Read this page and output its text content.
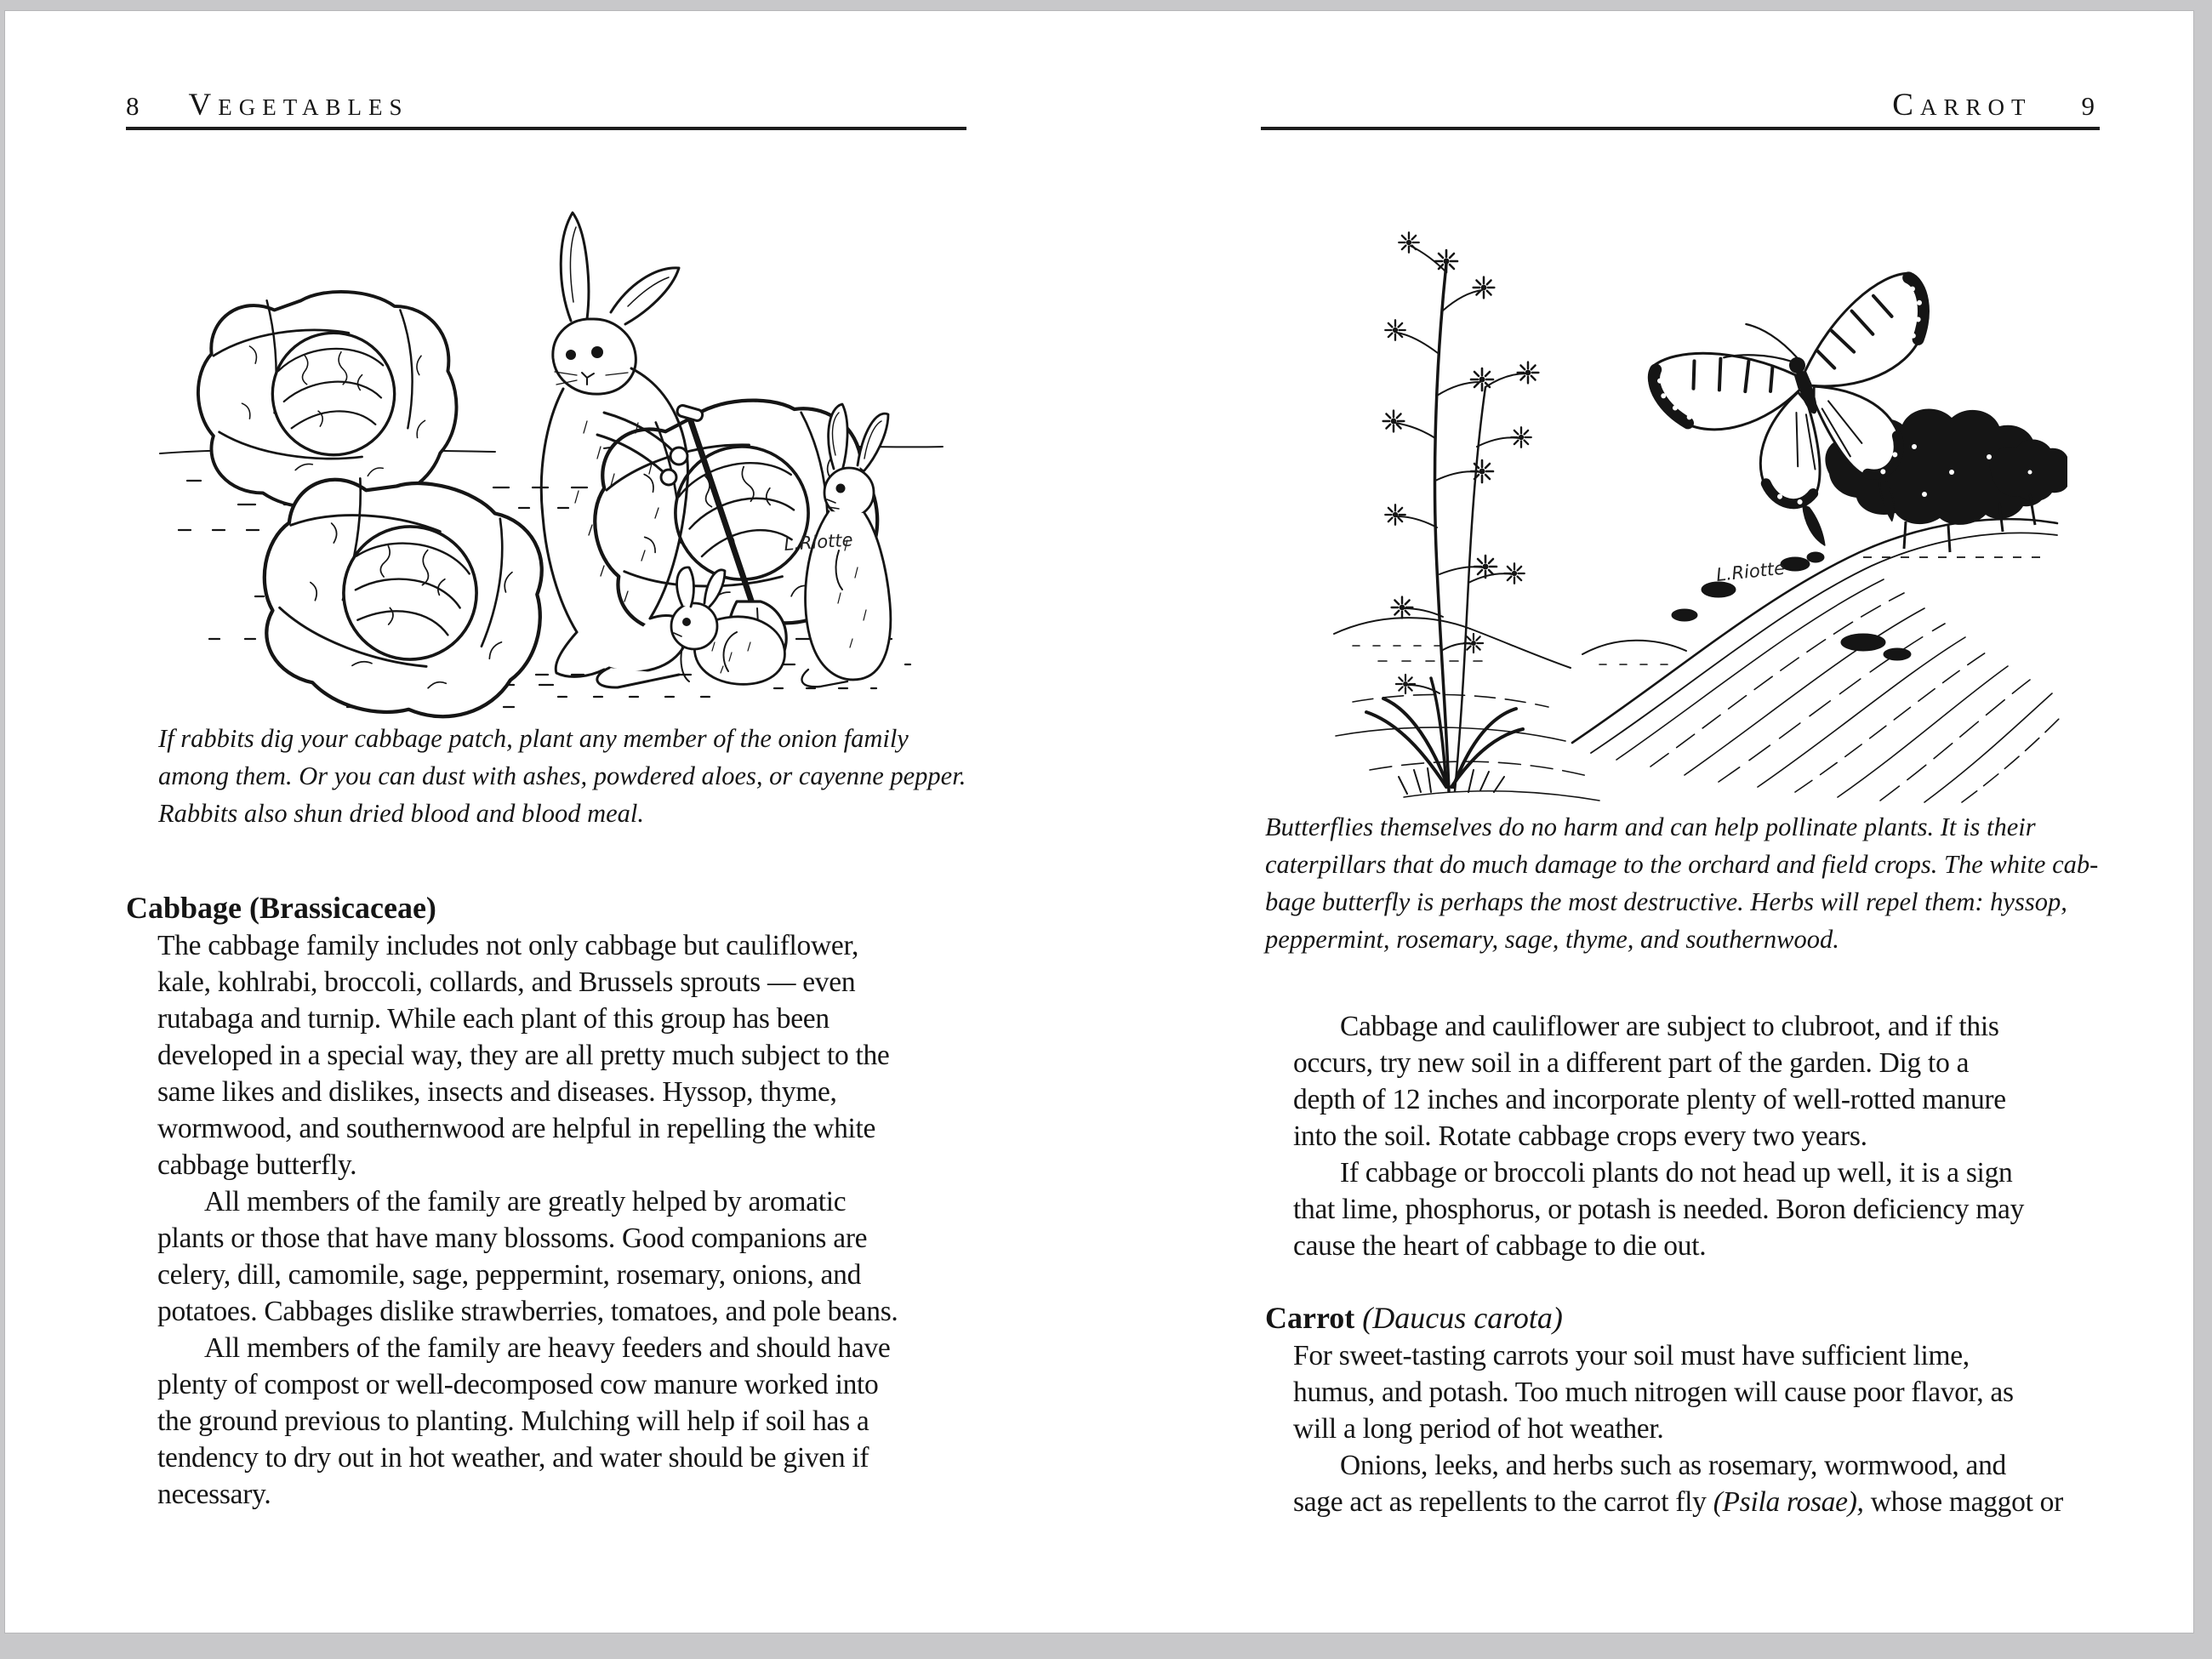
8 VEGETABLES
L.Riotte
If rabbits dig your cabbage patch, plant any member of the onion family
among them. Or you can dust with ashes, powdered aloes, or cayenne pepper.
Rabbits also shun dried blood and blood meal.
Cabbage (Brassicaceae)
The cabbage family includes not only cabbage but cauliflower,
kale, kohlrabi, broccoli, collards, and Brussels sprouts — even
rutabaga and turnip. While each plant of this group has been
developed in a special way, they are all pretty much subject to the
same likes and dislikes, insects and diseases. Hyssop, thyme,
wormwood, and southernwood are helpful in repelling the white
cabbage butterfly.
All members of the family are greatly helped by aromatic
plants or those that have many blossoms. Good companions are
celery, dill, camomile, sage, peppermint, rosemary, onions, and
potatoes. Cabbages dislike strawberries, tomatoes, and pole beans.
All members of the family are heavy feeders and should have
plenty of compost or well-decomposed cow manure worked into
the ground previous to planting. Mulching will help if soil has a
tendency to dry out in hot weather, and water should be given if
necessary.
CARROT 9
L.Riotte
Butterflies themselves do no harm and can help pollinate plants. It is their
caterpillars that do much damage to the orchard and field crops. The white cab-
bage butterfly is perhaps the most destructive. Herbs will repel them: hyssop,
peppermint, rosemary, sage, thyme, and southernwood.
Cabbage and cauliflower are subject to clubroot, and if this
occurs, try new soil in a different part of the garden. Dig to a
depth of 12 inches and incorporate plenty of well-rotted manure
into the soil. Rotate cabbage crops every two years.
If cabbage or broccoli plants do not head up well, it is a sign
that lime, phosphorus, or potash is needed. Boron deficiency may
cause the heart of cabbage to die out.
Carrot (Daucus carota)
For sweet-tasting carrots your soil must have sufficient lime,
humus, and potash. Too much nitrogen will cause poor flavor, as
will a long period of hot weather.
Onions, leeks, and herbs such as rosemary, wormwood, and
sage act as repellents to the carrot fly (Psila rosae), whose maggot or
